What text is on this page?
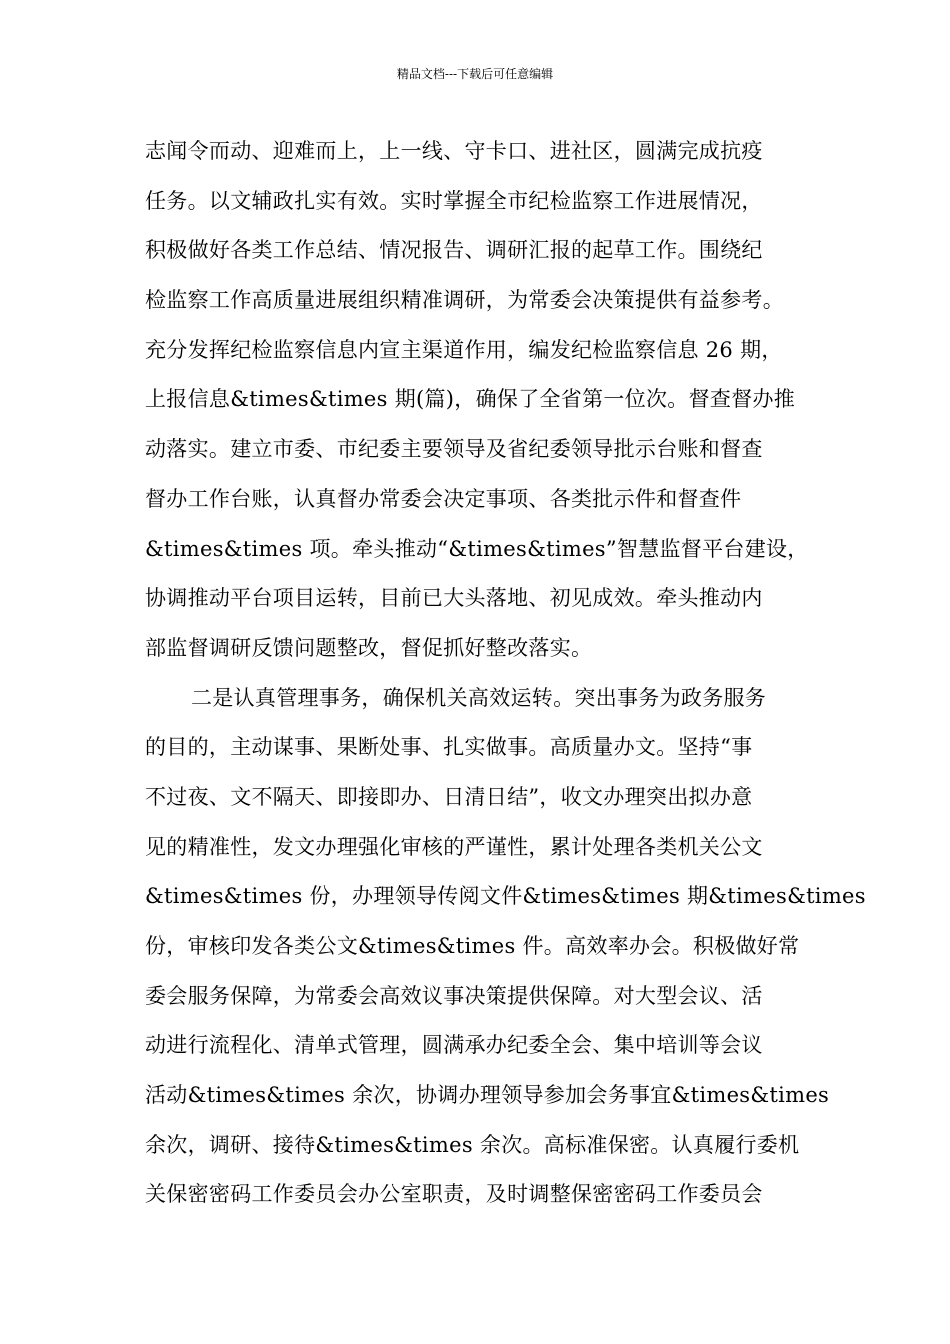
精品文档---下载后可任意编辑
志闻令而动、迎难而上，上一线、守卡口、进社区，圆满完成抗疫
任务。以文辅政扎实有效。实时掌握全市纪检监察工作进展情况，
积极做好各类工作总结、情况报告、调研汇报的起草工作。围绕纪
检监察工作高质量进展组织精准调研，为常委会决策提供有益参考。
充分发挥纪检监察信息内宣主渠道作用，编发纪检监察信息 26 期，
上报信息&times&times 期(篇)，确保了全省第一位次。督查督办推
动落实。建立市委、市纪委主要领导及省纪委领导批示台账和督查
督办工作台账，认真督办常委会决定事项、各类批示件和督查件
&times&times 项。牵头推动“&times&times”智慧监督平台建设，
协调推动平台项目运转，目前已大头落地、初见成效。牵头推动内
部监督调研反馈问题整改，督促抓好整改落实。
二是认真管理事务，确保机关高效运转。突出事务为政务服务
的目的，主动谋事、果断处事、扎实做事。高质量办文。坚持“事
不过夜、文不隔天、即接即办、日清日结”，收文办理突出拟办意
见的精准性，发文办理强化审核的严谨性，累计处理各类机关公文
&times&times 份，办理领导传阅文件&times&times 期&times&times
份，审核印发各类公文&times&times 件。高效率办会。积极做好常
委会服务保障，为常委会高效议事决策提供保障。对大型会议、活
动进行流程化、清单式管理，圆满承办纪委全会、集中培训等会议
活动&times&times 余次，协调办理领导参加会务事宜&times&times
余次，调研、接待&times&times 余次。高标准保密。认真履行委机
关保密密码工作委员会办公室职责，及时调整保密密码工作委员会
